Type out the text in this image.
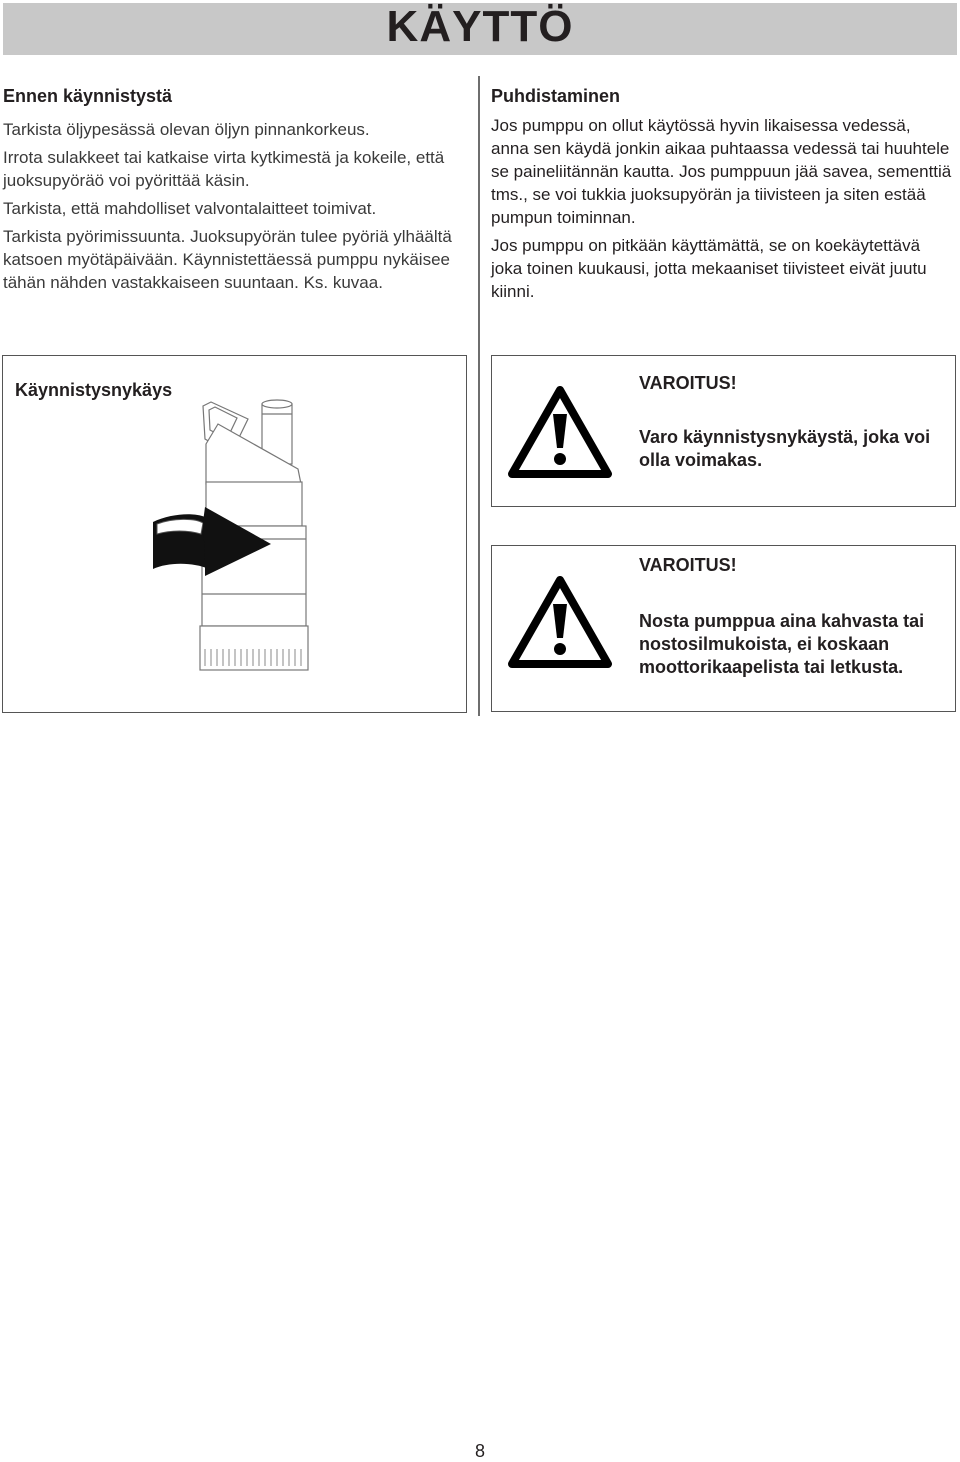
KÄYTTÖ
Ennen käynnistystä

Tarkista öljypesässä olevan öljyn pinnankorkeus.

Irrota sulakkeet tai katkaise virta kytkimestä ja kokeile, että juoksupyöräö voi pyörittää käsin.

Tarkista, että mahdolliset valvontalaitteet toimivat.

Tarkista pyörimissuunta. Juoksupyörän tulee pyöriä ylhäältä katsoen myötäpäivään. Käynnistettäessä pumppu nykäisee tähän nähden vastakkaiseen suuntaan. Ks. kuvaa.

Puhdistaminen

Jos pumppu on ollut käytössä hyvin likaisessa vedessä, anna sen käydä jonkin aikaa puhtaassa vedessä tai huuhtele se paineliitännän kautta. Jos pumppuun jää savea, sementtiä tms., se voi tukkia juoksupyörän ja tiivisteen ja siten estää pumpun toiminnan.

Jos pumppu on pitkään käyttämättä, se on koekäytettävä joka toinen kuukausi, jotta mekaaniset tiivisteet eivät juutu kiinni.

Käynnistysnykäys	VAROITUS!
Varo käynnistysnykäystä, joka voi olla voimakas.
VAROITUS!
Nosta pumppua aina kahvasta tai nostosilmukoista, ei koskaan moottorikaapelista tai letkusta.
8
